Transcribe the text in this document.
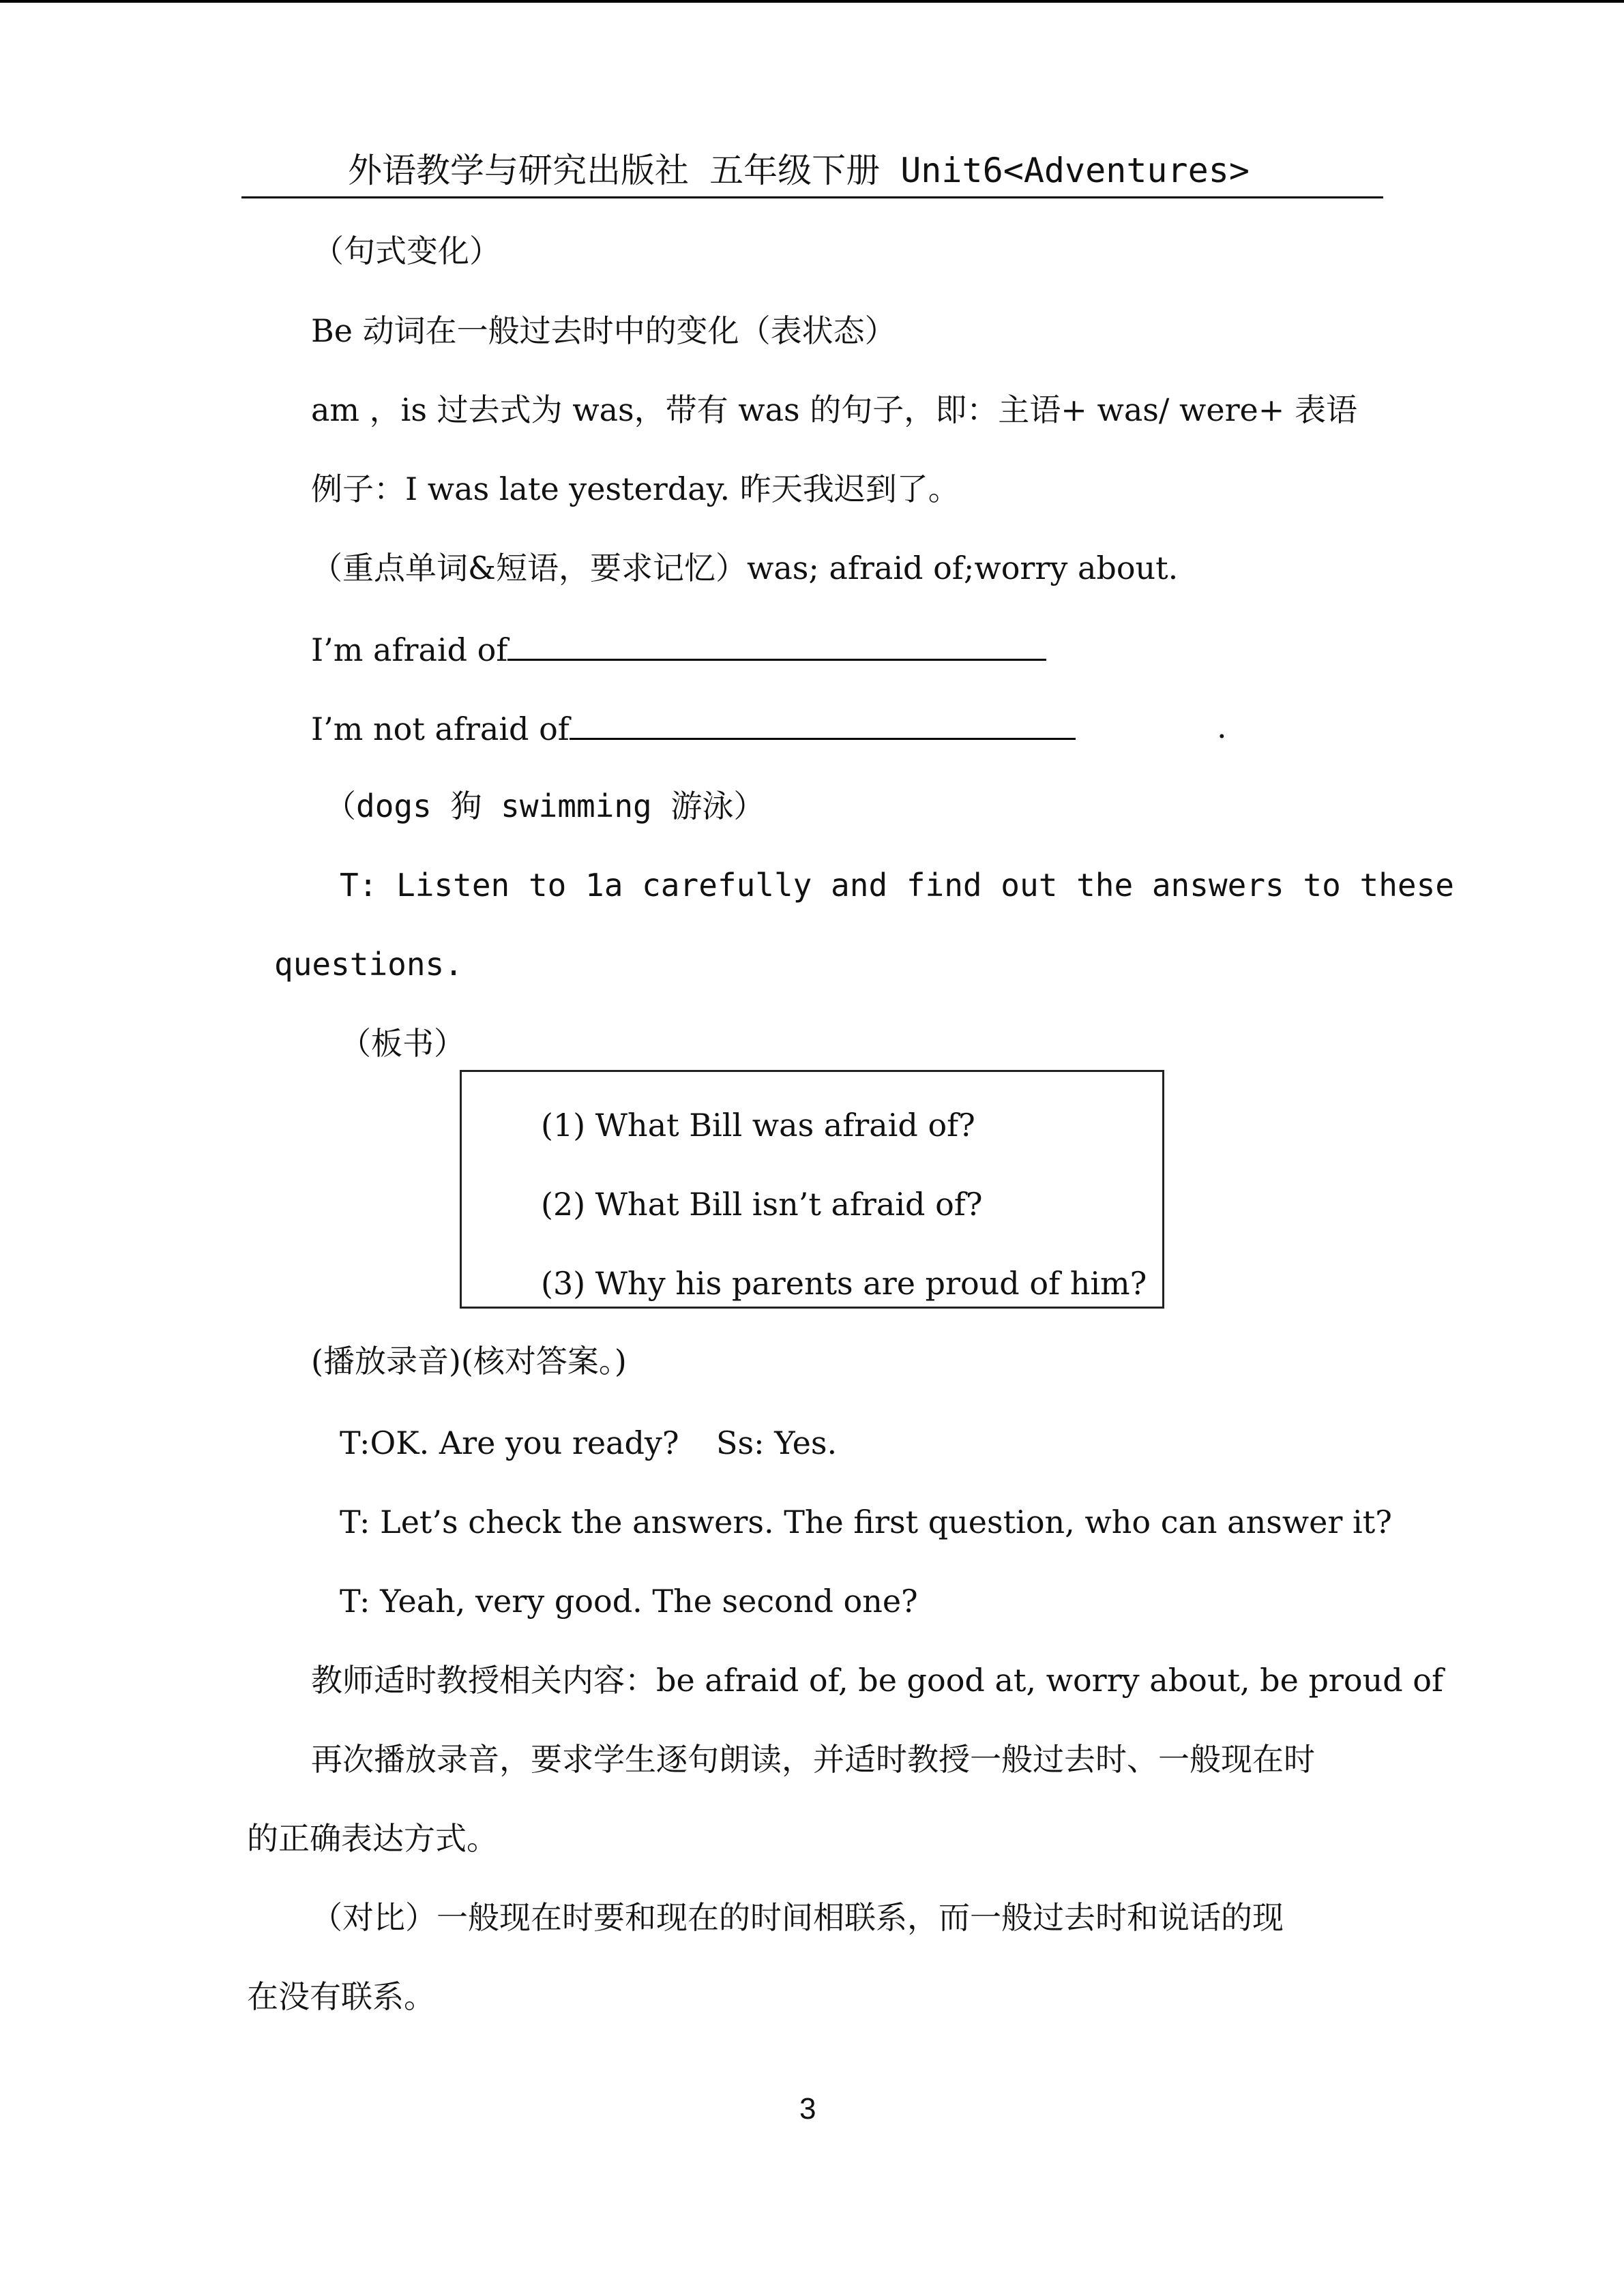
外语教学与研究出版社 五年级下册 Unit6<Adventures>
（句式变化）
Be 动词在一般过去时中的变化（表状态）
am ，is 过去式为 was，带有 was 的句子，即：主语+ was/ were+ 表语
例子：I was late yesterday. 昨天我迟到了。
（重点单词&短语，要求记忆）was; afraid of;worry about.
I’m afraid of
I’m not afraid of	.
（dogs 狗 swimming 游泳）
T: Listen to 1a carefully and find out the answers to these
questions.
（板书）
(1) What Bill was afraid of?
(2) What Bill isn’t afraid of?
(3) Why his parents are proud of him?
(播放录音)(核对答案。)
T:OK. Are you ready? Ss: Yes.
T: Let’s check the answers. The first question, who can answer it?
T: Yeah, very good. The second one?
教师适时教授相关内容：be afraid of, be good at, worry about, be proud of
再次播放录音，要求学生逐句朗读，并适时教授一般过去时、一般现在时
的正确表达方式。
（对比）一般现在时要和现在的时间相联系，而一般过去时和说话的现
在没有联系。
3
